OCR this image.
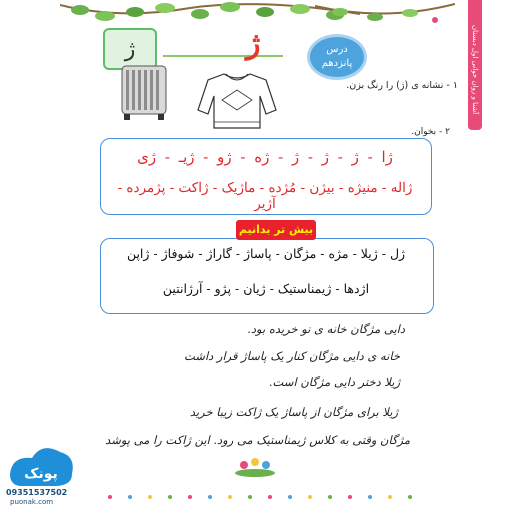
آشنا و روان خوانی اول دبستان
ژ	ژ	درس
پانزدهم
۱ - نشانه ی (ژ) را رنگ بزن.
۲ - بخوان.
ژا - ژ - ژ - ژ - ژه - ژو - ژیـ - ژی
ژاله - منیژه - بیژن - مُژده - ماژیک - ژاکت - پژمرده - آژیر
بیش تر بدانیم
ژل - ژیلا - مژه - مژگان - پاساژ - گاراژ - شوفاژ - ژاپن
اژدها - ژیمناستیک - ژیان - پژو - آرژانتین
دایی مژگان خانه ی نو خریده بود.
خانه ی دایی مژگان کنار یک پاساژ قرار داشت
ژیلا دختر دایی مژگان است.
ژیلا برای مژگان از پاساژ یک ژاکت زیبا خرید
مژگان وقتی به کلاس ژیمناستیک می رود. این ژاکت را می پوشد
پونک
09351537502
puonak.com
